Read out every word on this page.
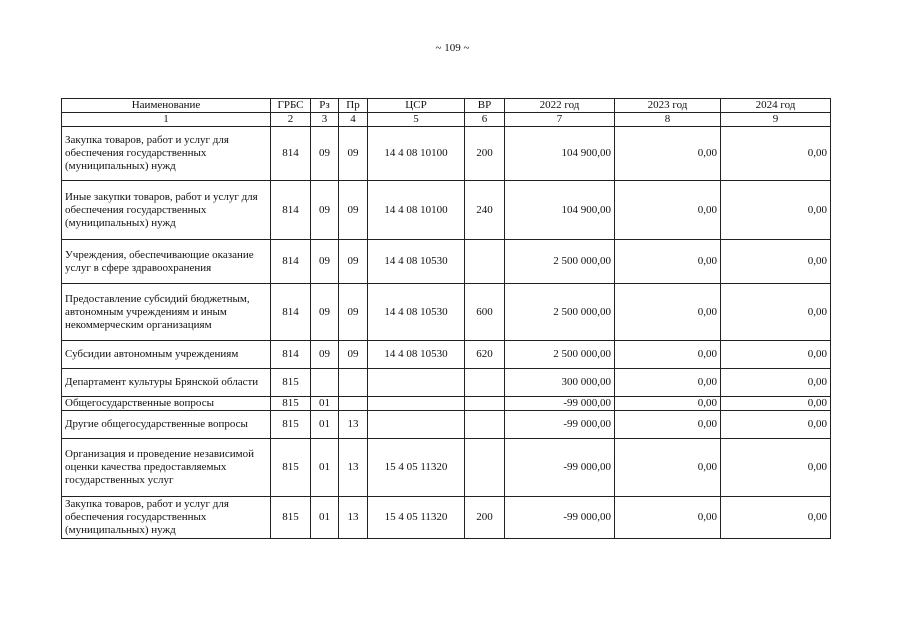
~ 109 ~
Наименование	ГРБС	Рз	Пр	ЦСР	ВР	2022 год	2023 год	2024 год
1	2	3	4	5	6	7	8	9
Закупка товаров, работ и услуг для обеспечения государственных (муниципальных) нужд	814	09	09	14 4 08 10100	200	104 900,00	0,00	0,00
Иные закупки товаров, работ и услуг для обеспечения государственных (муниципальных) нужд	814	09	09	14 4 08 10100	240	104 900,00	0,00	0,00
Учреждения, обеспечивающие оказание услуг в сфере здравоохранения	814	09	09	14 4 08 10530		2 500 000,00	0,00	0,00
Предоставление субсидий бюджетным, автономным учреждениям и иным некоммерческим организациям	814	09	09	14 4 08 10530	600	2 500 000,00	0,00	0,00
Субсидии автономным учреждениям	814	09	09	14 4 08 10530	620	2 500 000,00	0,00	0,00
Департамент культуры Брянской области	815					300 000,00	0,00	0,00
Общегосударственные вопросы	815	01				-99 000,00	0,00	0,00
Другие общегосударственные вопросы	815	01	13			-99 000,00	0,00	0,00
Организация и проведение независимой оценки качества предоставляемых государственных услуг	815	01	13	15 4 05 11320		-99 000,00	0,00	0,00
Закупка товаров, работ и услуг для обеспечения государственных (муниципальных) нужд	815	01	13	15 4 05 11320	200	-99 000,00	0,00	0,00
